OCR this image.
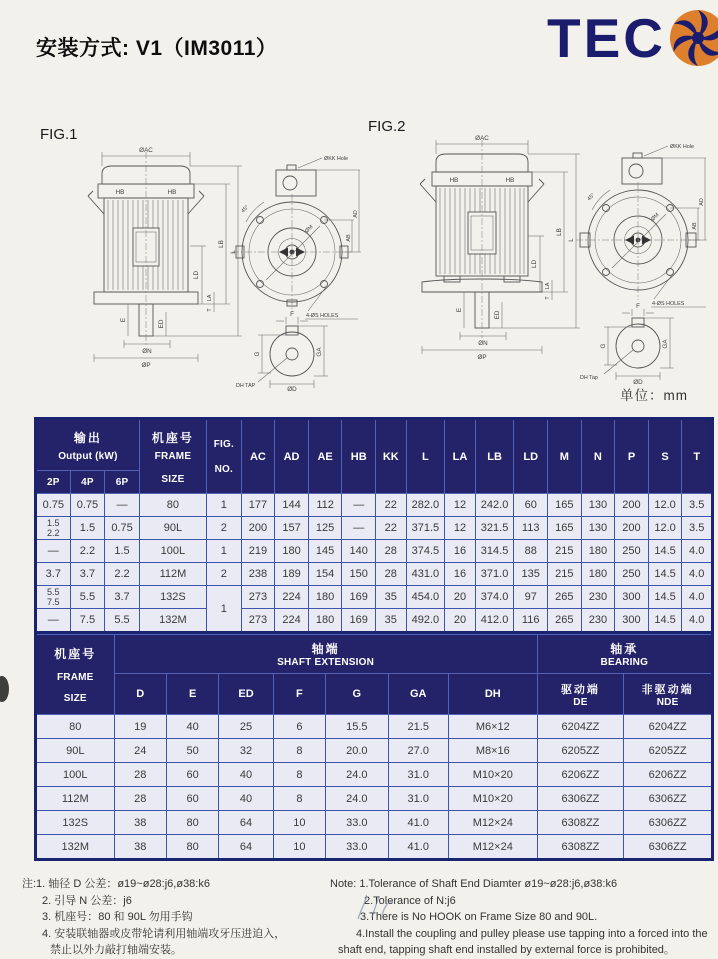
安装方式: V1（IM3011）	TEC
FIG.1	FIG.2
ØAC
HB	HB
LD
LA
T
LB
L
E	ED
ØN
ØP
ØKK Hole
45°
ØM
AB
AD
4-ØS HOLES
F
G	GA
ØD
DH TAP
ØAC
HB	HB
LD
LA
T
LB
L
E
ED
ØN
ØP
ØKK Hole
45°
ØM
AB
AD
4-ØS HOLES
F
G	GA
ØD
DH Tap
单位：mm
输出
Output (kW)

机座号
FRAME
SIZE

FIG.
NO.
	AC	AD	AE	HB	KK	L	LA	LB	LD	M	N	P	S	T
2P	4P	6P																
0.75	0.75	—	80	1	177	144	112	—	22	282.0	12	242.0	60	165	130	200	12.0	3.5
1.5
2.2	1.5	0.75	90L	2	200	157	125	—	22	371.5	12	321.5	113	165	130	200	12.0	3.5
—	2.2	1.5	100L	1	219	180	145	140	28	374.5	16	314.5	88	215	180	250	14.5	4.0
3.7	3.7	2.2	112M	2	238	189	154	150	28	431.0	16	371.0	135	215	180	250	14.5	4.0
5.5
7.5	5.5	3.7	132S	1	273	224	180	169	35	454.0	20	374.0	97	265	230	300	14.5	4.0
—	7.5	5.5	132M		273	224	180	169	35	492.0	20	412.0	116	265	230	300	14.5	4.0
机座号
FRAME
SIZE

轴端
SHAFT EXTENSION

轴承
BEARING

D	E	ED	F	G	GA	DH	驱动端
DE

非驱动端
NDE

80	19	40	25	6	15.5	21.5	M6×12	6204ZZ	6204ZZ
90L	24	50	32	8	20.0	27.0	M8×16	6205ZZ	6205ZZ
100L	28	60	40	8	24.0	31.0	M10×20	6206ZZ	6206ZZ
112M	28	60	40	8	24.0	31.0	M10×20	6306ZZ	6306ZZ
132S	38	80	64	10	33.0	41.0	M12×24	6308ZZ	6306ZZ
132M	38	80	64	10	33.0	41.0	M12×24	6308ZZ	6306ZZ
注:1. 轴径 D 公差：ø19~ø28:j6,ø38:k6
2. 引导 N 公差：j6
3. 机座号：80 和 90L 勿用手钩
4. 安装联轴器或皮带轮请利用轴端攻牙压进迫入，
禁止以外力敲打轴端安装。
Note: 1.Tolerance of Shaft End Diamter ø19~ø28:j6,ø38:k6
2.Tolerance of N:j6
3.There is No HOOK on Frame Size 80 and 90L.
4.Install the coupling and pulley please use tapping into a forced into the
shaft end, tapping shaft end installed by external force is prohibited。
